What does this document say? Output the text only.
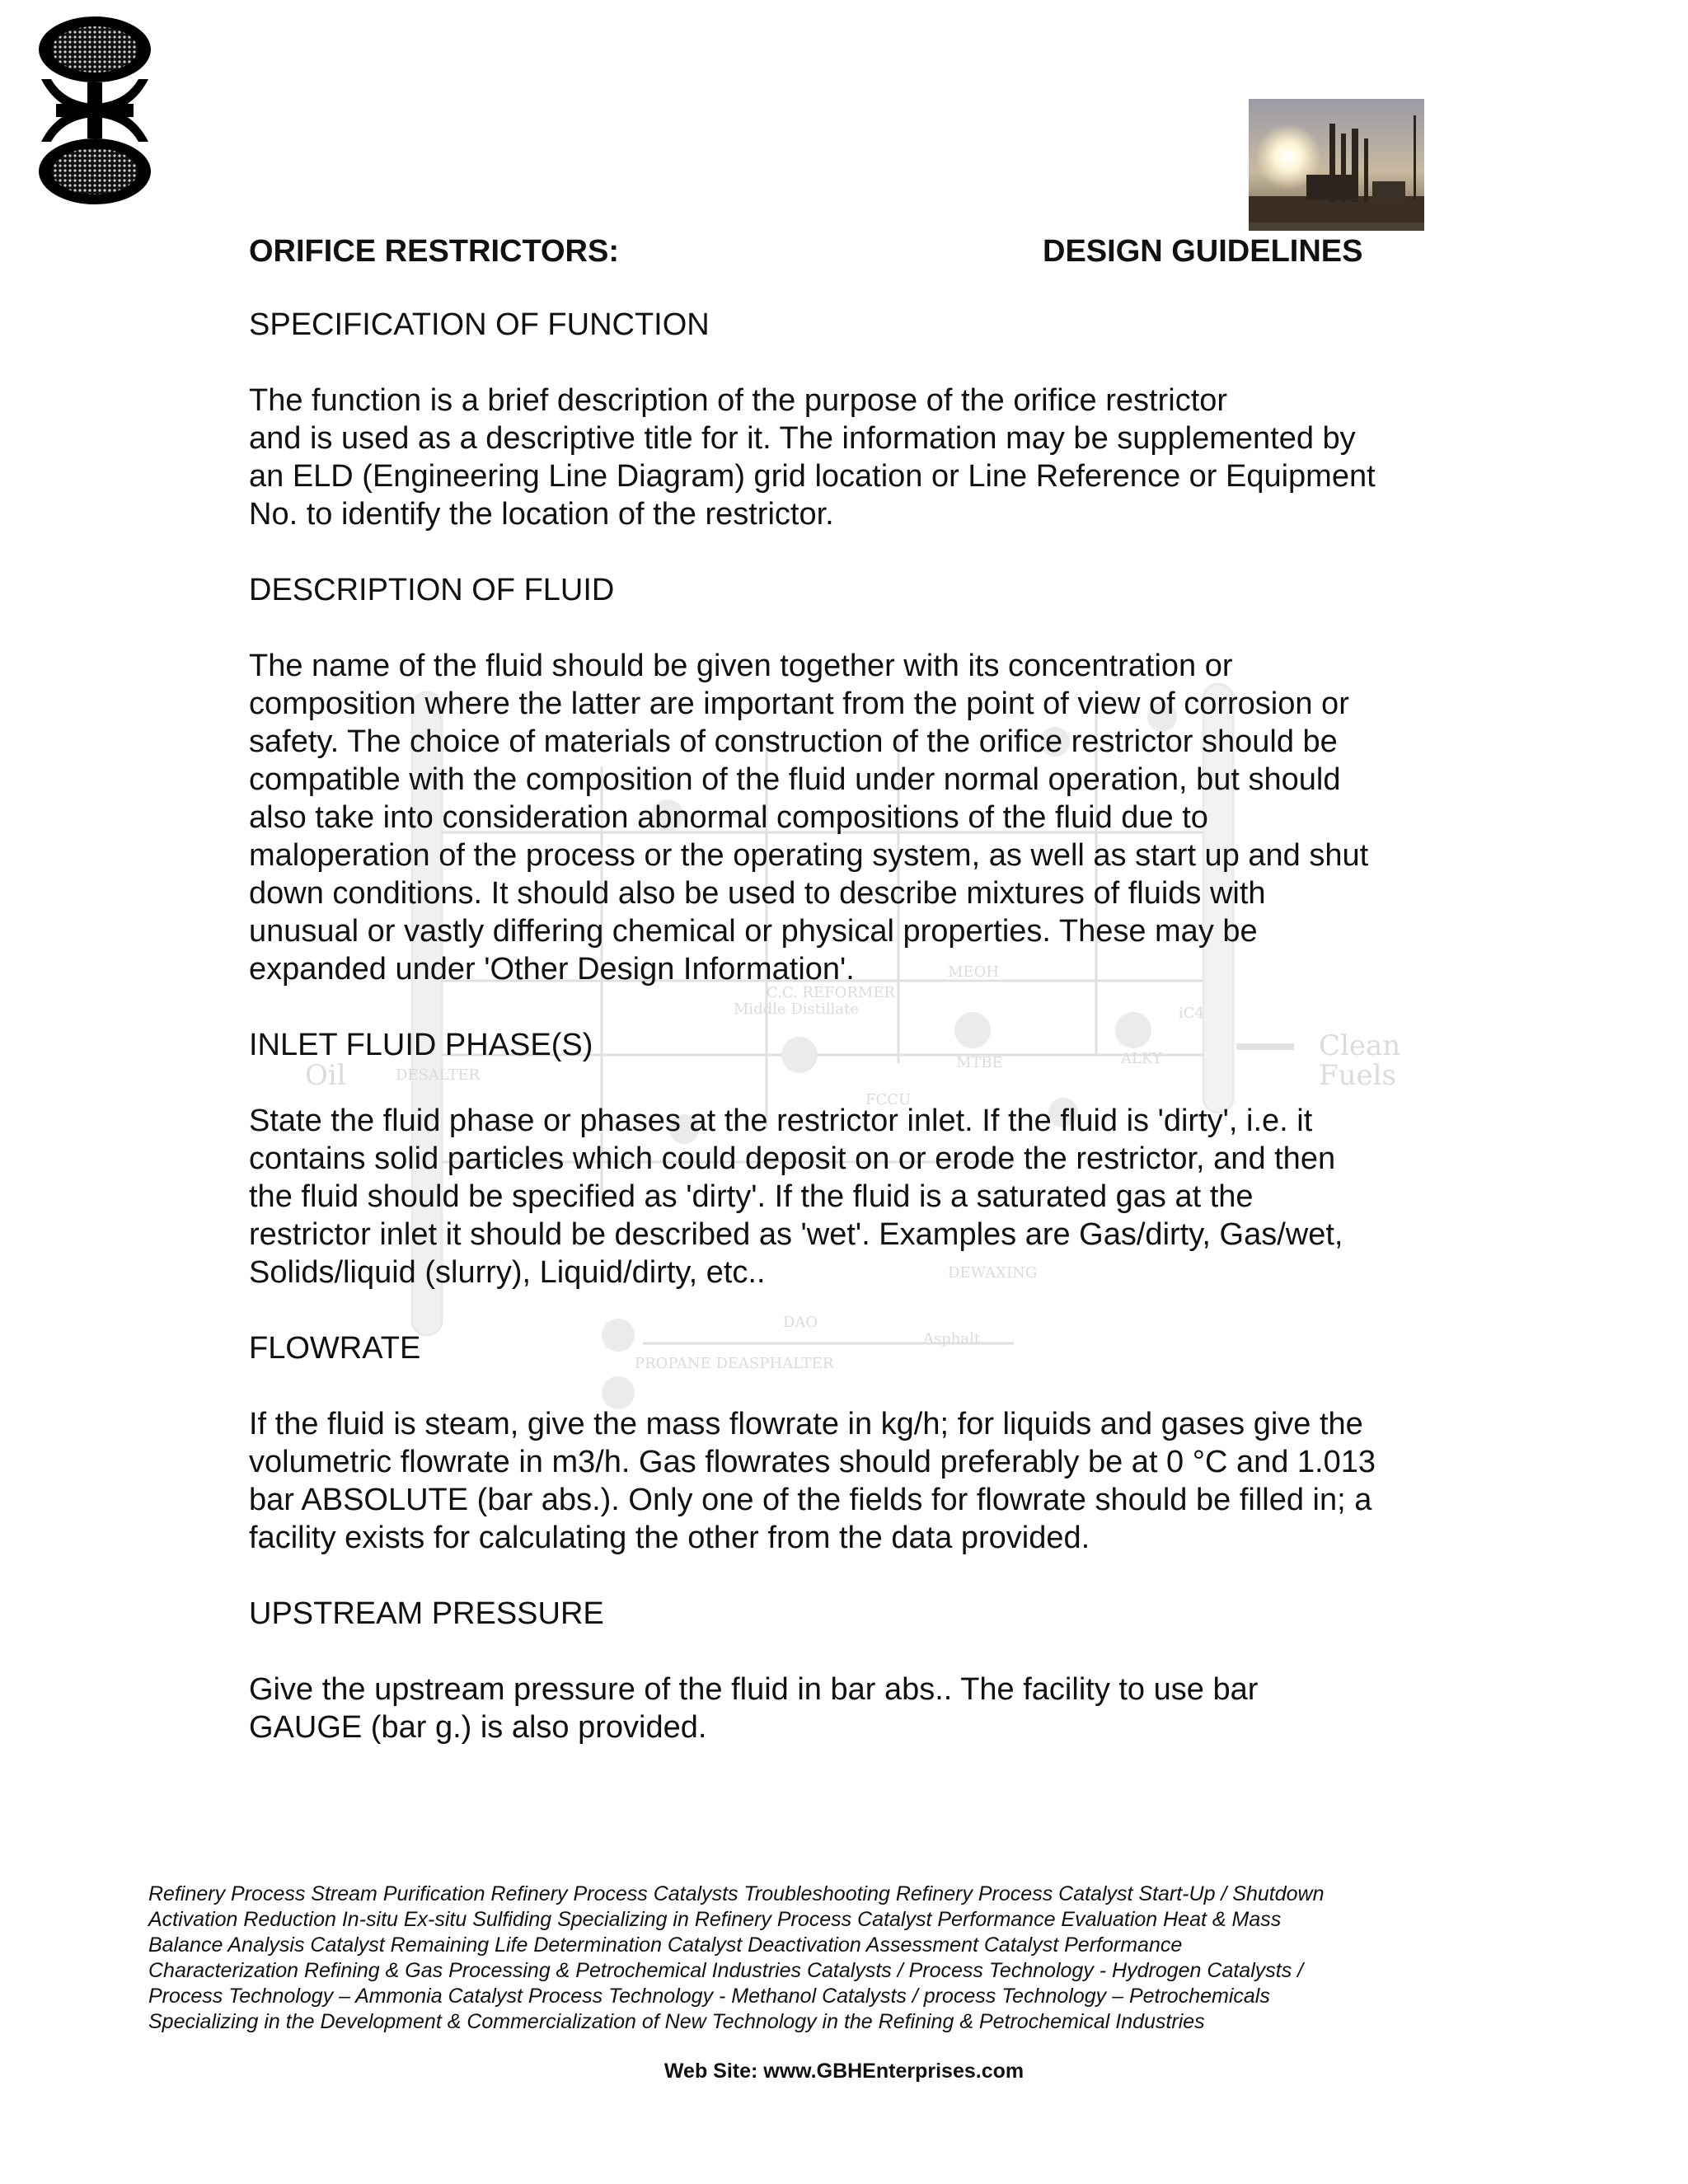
Middle Distillate
Clean
Fuels
Oil	DESALTER
FCCU
MTBE	ALKY
DEWAXING
DAO
PROPANE DEASPHALTER
Asphalt
MEOH
C.C. REFORMER
iC4
ORIFICE RESTRICTORS:	DESIGN GUIDELINES

SPECIFICATION OF FUNCTION

The function is a brief description of the purpose of the orifice restrictor
and is used as a descriptive title for it. The information may be supplemented by
an ELD (Engineering Line Diagram) grid location or Line Reference or Equipment
No. to identify the location of the restrictor.

DESCRIPTION OF FLUID

The name of the fluid should be given together with its concentration or
composition where the latter are important from the point of view of corrosion or
safety. The choice of materials of construction of the orifice restrictor should be
compatible with the composition of the fluid under normal operation, but should
also take into consideration abnormal compositions of the fluid due to
maloperation of the process or the operating system, as well as start up and shut
down conditions. It should also be used to describe mixtures of fluids with
unusual or vastly differing chemical or physical properties. These may be
expanded under 'Other Design Information'.

INLET FLUID PHASE(S)

State the fluid phase or phases at the restrictor inlet. If the fluid is 'dirty', i.e. it
contains solid particles which could deposit on or erode the restrictor, and then
the fluid should be specified as 'dirty'. If the fluid is a saturated gas at the
restrictor inlet it should be described as 'wet'. Examples are Gas/dirty, Gas/wet,
Solids/liquid (slurry), Liquid/dirty, etc..

FLOWRATE

If the fluid is steam, give the mass flowrate in kg/h; for liquids and gases give the
volumetric flowrate in m3/h. Gas flowrates should preferably be at 0 °C and 1.013
bar ABSOLUTE (bar abs.). Only one of the fields for flowrate should be filled in; a
facility exists for calculating the other from the data provided.

UPSTREAM PRESSURE

Give the upstream pressure of the fluid in bar abs.. The facility to use bar
GAUGE (bar g.) is also provided.

Refinery Process Stream Purification Refinery Process Catalysts Troubleshooting Refinery Process Catalyst Start-Up / Shutdown
Activation Reduction In-situ Ex-situ Sulfiding Specializing in Refinery Process Catalyst Performance Evaluation Heat & Mass
Balance Analysis Catalyst Remaining Life Determination Catalyst Deactivation Assessment Catalyst Performance
Characterization Refining & Gas Processing & Petrochemical Industries Catalysts / Process Technology - Hydrogen Catalysts /
Process Technology – Ammonia Catalyst Process Technology - Methanol Catalysts / process Technology – Petrochemicals
Specializing in the Development & Commercialization of New Technology in the Refining & Petrochemical Industries
Web Site: www.GBHEnterprises.com
